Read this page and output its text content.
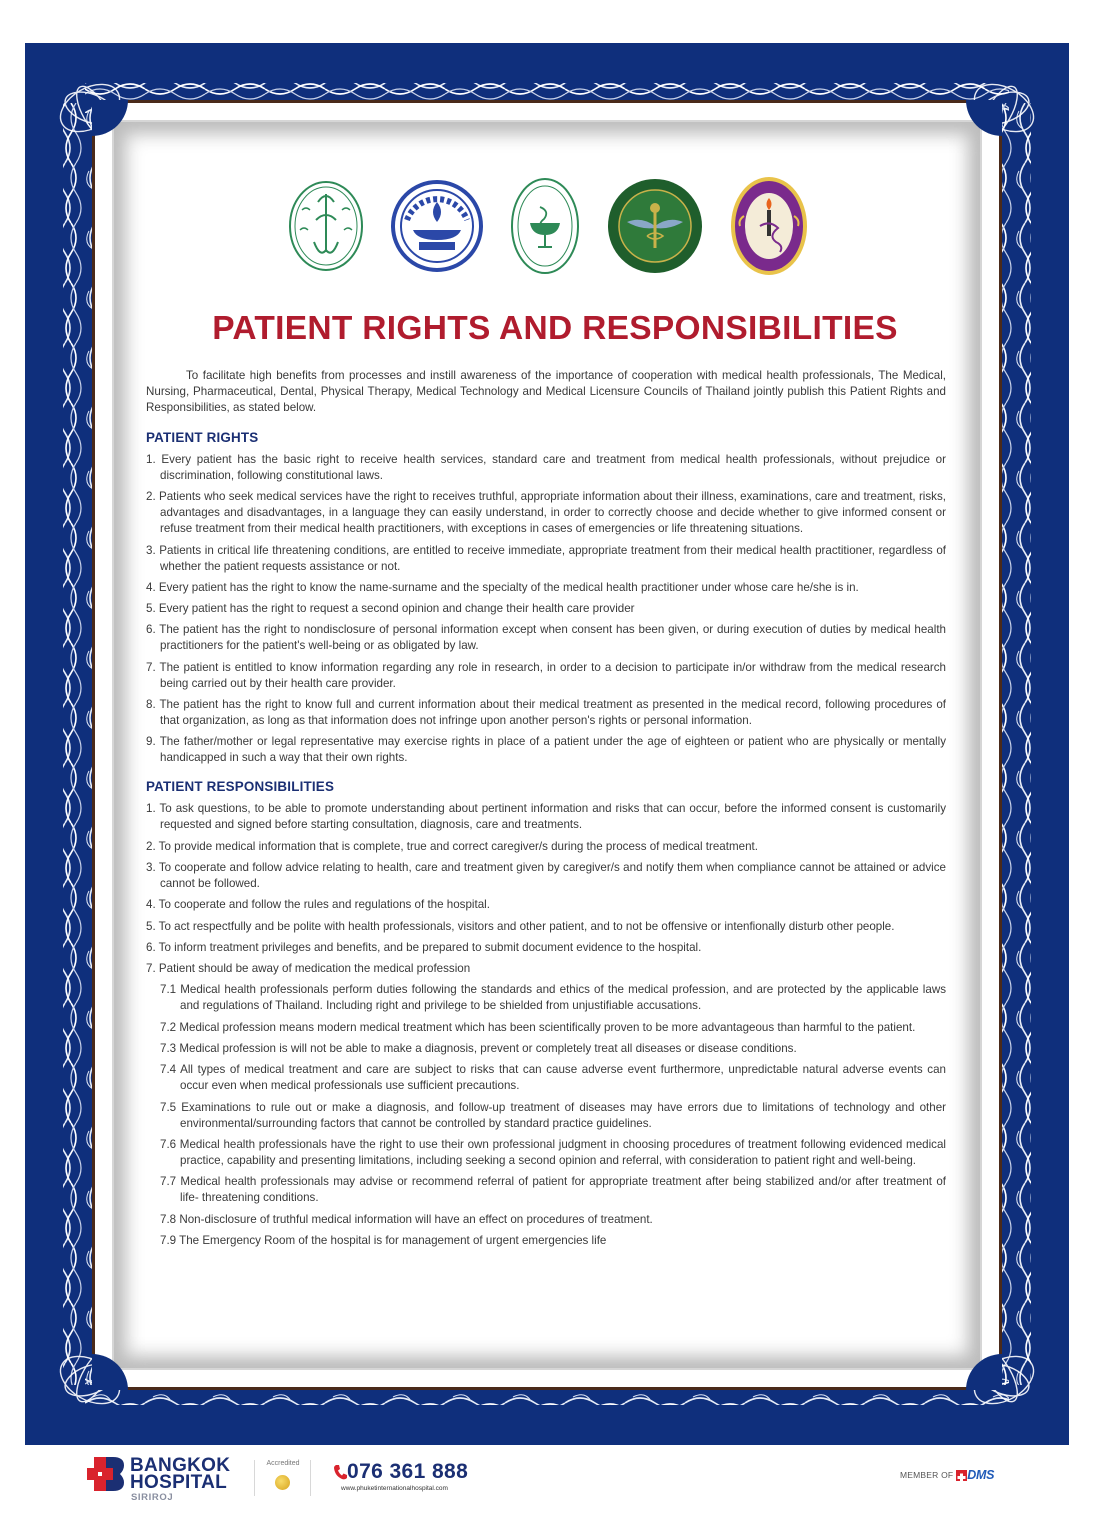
PATIENT RIGHTS AND RESPONSIBILITIES

To facilitate high benefits from processes and instill awareness of the importance of cooperation with medical health professionals, The Medical, Nursing, Pharmaceutical, Dental, Physical Therapy, Medical Technology and Medical Licensure Councils of Thailand jointly publish this Patient Rights and Responsibilities, as stated below.

PATIENT RIGHTS
1. Every patient has the basic right to receive health services, standard care and treatment from medical health professionals, without prejudice or discrimination, following constitutional laws.
2. Patients who seek medical services have the right to receives truthful, appropriate information about their illness, examinations, care and treatment, risks, advantages and disadvantages, in a language they can easily understand, in order to correctly choose and decide whether to give informed consent or refuse treatment from their medical health practitioners, with exceptions in cases of emergencies or life threatening situations.
3. Patients in critical life threatening conditions, are entitled to receive immediate, appropriate treatment from their medical health practitioner, regardless of whether the patient requests assistance or not.
4. Every patient has the right to know the name-surname and the specialty of the medical health practitioner under whose care he/she is in.
5. Every patient has the right to request a second opinion and change their health care provider
6. The patient has the right to nondisclosure of personal information except when consent has been given, or during execution of duties by medical health practitioners for the patient's well-being or as obligated by law.
7. The patient is entitled to know information regarding any role in research, in order to a decision to participate in/or withdraw from the medical research being carried out by their health care provider.
8. The patient has the right to know full and current information about their medical treatment as presented in the medical record, following procedures of that organization, as long as that information does not infringe upon another person's rights or personal information.
9. The father/mother or legal representative may exercise rights in place of a patient under the age of eighteen or patient who are physically or mentally handicapped in such a way that their own rights.
PATIENT RESPONSIBILITIES
1. To ask questions, to be able to promote understanding about pertinent information and risks that can occur, before the informed consent is customarily requested and signed before starting consultation, diagnosis, care and treatments.
2. To provide medical information that is complete, true and correct caregiver/s during the process of medical treatment.
3. To cooperate and follow advice relating to health, care and treatment given by caregiver/s and notify them when compliance cannot be attained or advice cannot be followed.
4. To cooperate and follow the rules and regulations of the hospital.
5. To act respectfully and be polite with health professionals, visitors and other patient, and to not be offensive or intenfionally disturb other people.
6. To inform treatment privileges and benefits, and be prepared to submit document evidence to the hospital.
7. Patient should be away of medication the medical profession
7.1 Medical health professionals perform duties following the standards and ethics of the medical profession, and are protected by the applicable laws and regulations of Thailand. Including right and privilege to be shielded from unjustifiable accusations.
7.2 Medical profession means modern medical treatment which has been scientifically proven to be more advantageous than harmful to the patient.
7.3 Medical profession is will not be able to make a diagnosis, prevent or completely treat all diseases or disease conditions.
7.4 All types of medical treatment and care are subject to risks that can cause adverse event furthermore, unpredictable natural adverse events can occur even when medical professionals use sufficient precautions.
7.5 Examinations to rule out or make a diagnosis, and follow-up treatment of diseases may have errors due to limitations of technology and other environmental/surrounding factors that cannot be controlled by standard practice guidelines.
7.6 Medical health professionals have the right to use their own professional judgment in choosing procedures of treatment following evidenced medical practice, capability and presenting limitations, including seeking a second opinion and referral, with consideration to patient right and well-being.
7.7 Medical health professionals may advise or recommend referral of patient for appropriate treatment after being stabilized and/or after treatment of life- threatening conditions.
7.8 Non-disclosure of truthful medical information will have an effect on procedures of treatment.
7.9 The Emergency Room of the hospital is for management of urgent emergencies life
BANGKOK
HOSPITAL
SIRIROJ
Accredited 076 361 888
www.phuketinternationalhospital.com
MEMBER OF DMS
